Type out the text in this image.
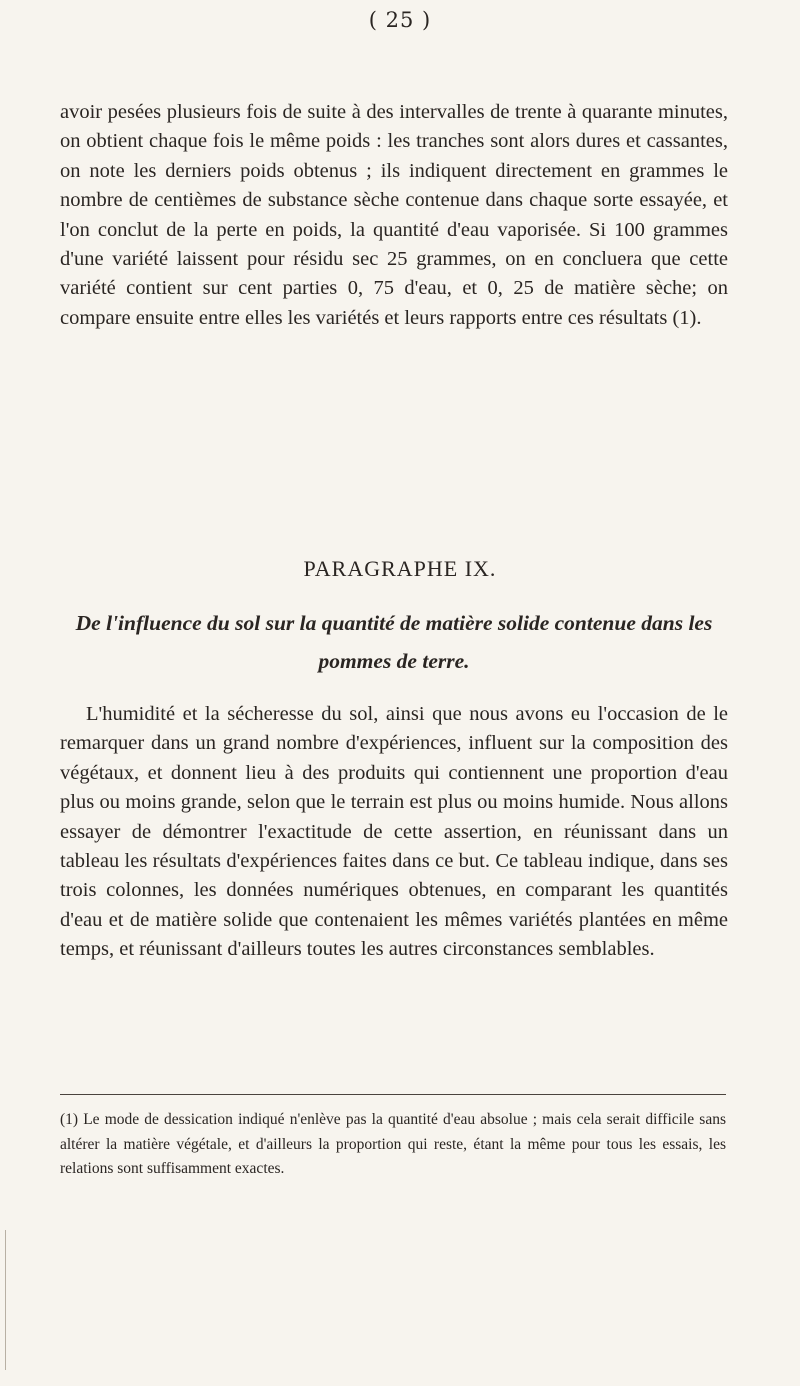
( 25 )

avoir pesées plusieurs fois de suite à des intervalles de trente à quarante minutes, on obtient chaque fois le même poids : les tranches sont alors dures et cassantes, on note les derniers poids obtenus ; ils indiquent directement en grammes le nombre de centièmes de substance sèche contenue dans chaque sorte essayée, et l'on conclut de la perte en poids, la quantité d'eau vaporisée. Si 100 grammes d'une variété laissent pour résidu sec 25 grammes, on en concluera que cette variété contient sur cent parties 0, 75 d'eau, et 0, 25 de matière sèche; on compare ensuite entre elles les variétés et leurs rapports entre ces résultats (1).

PARAGRAPHE IX.
De l'influence du sol sur la quantité de matière solide contenue dans les pommes de terre.

L'humidité et la sécheresse du sol, ainsi que nous avons eu l'occasion de le remarquer dans un grand nombre d'expériences, influent sur la composition des végétaux, et donnent lieu à des produits qui contiennent une proportion d'eau plus ou moins grande, selon que le terrain est plus ou moins humide. Nous allons essayer de démontrer l'exactitude de cette assertion, en réunissant dans un tableau les résultats d'expériences faites dans ce but. Ce tableau indique, dans ses trois colonnes, les données numériques obtenues, en comparant les quantités d'eau et de matière solide que contenaient les mêmes variétés plantées en même temps, et réunissant d'ailleurs toutes les autres circonstances semblables.

(1) Le mode de dessication indiqué n'enlève pas la quantité d'eau absolue ; mais cela serait difficile sans altérer la matière végétale, et d'ailleurs la proportion qui reste, étant la même pour tous les essais, les relations sont suffisamment exactes.
